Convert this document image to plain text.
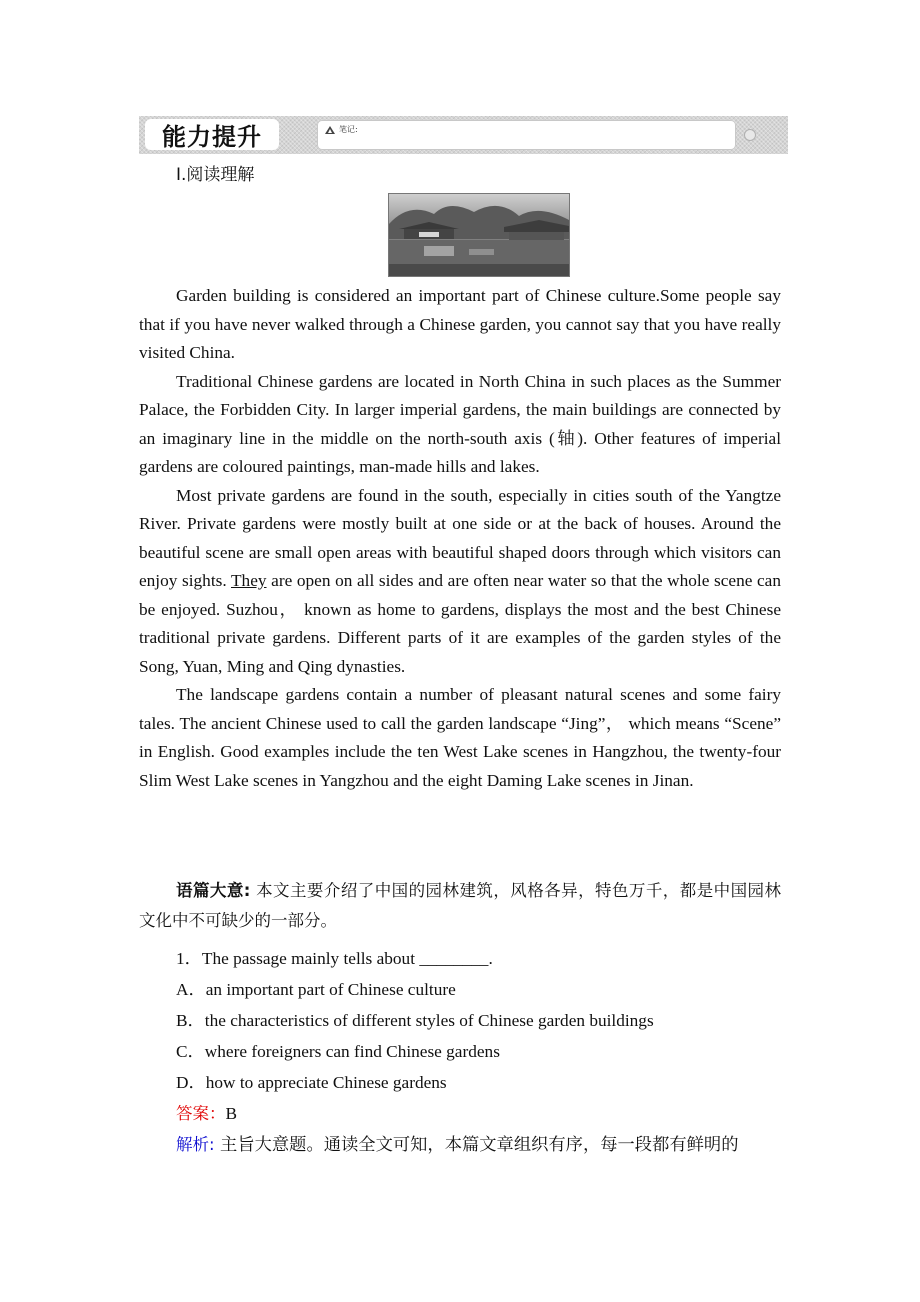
能力提升	笔记:
Ⅰ.阅读理解

Garden building is considered an important part of Chinese culture.Some people say that if you have never walked through a Chinese garden, you cannot say that you have really visited China.

Traditional Chinese gardens are located in North China in such places as the Summer Palace, the Forbidden City. In larger imperial gardens, the main buildings are connected by an imaginary line in the middle on the north-south axis (轴). Other features of imperial gardens are coloured paintings, man-made hills and lakes.

Most private gardens are found in the south, especially in cities south of the Yangtze River. Private gardens were mostly built at one side or at the back of houses. Around the beautiful scene are small open areas with beautiful shaped doors through which visitors can enjoy sights. They are open on all sides and are often near water so that the whole scene can be enjoyed. Suzhou， known as home to gardens, displays the most and the best Chinese traditional private gardens. Different parts of it are examples of the garden styles of the Song, Yuan, Ming and Qing dynasties.

The landscape gardens contain a number of pleasant natural scenes and some fairy tales. The ancient Chinese used to call the garden landscape “Jing”， which means “Scene” in English. Good examples include the ten West Lake scenes in Hangzhou, the twenty-four Slim West Lake scenes in Yangzhou and the eight Daming Lake scenes in Jinan.

语篇大意: 本文主要介绍了中国的园林建筑，风格各异，特色万千，都是中国园林文化中不可缺少的一部分。

1．The passage mainly tells about ________.
A．an important part of Chinese culture
B．the characteristics of different styles of Chinese garden buildings
C．where foreigners can find Chinese gardens
D．how to appreciate Chinese gardens
答案：B
解析: 主旨大意题。通读全文可知，本篇文章组织有序，每一段都有鲜明的
